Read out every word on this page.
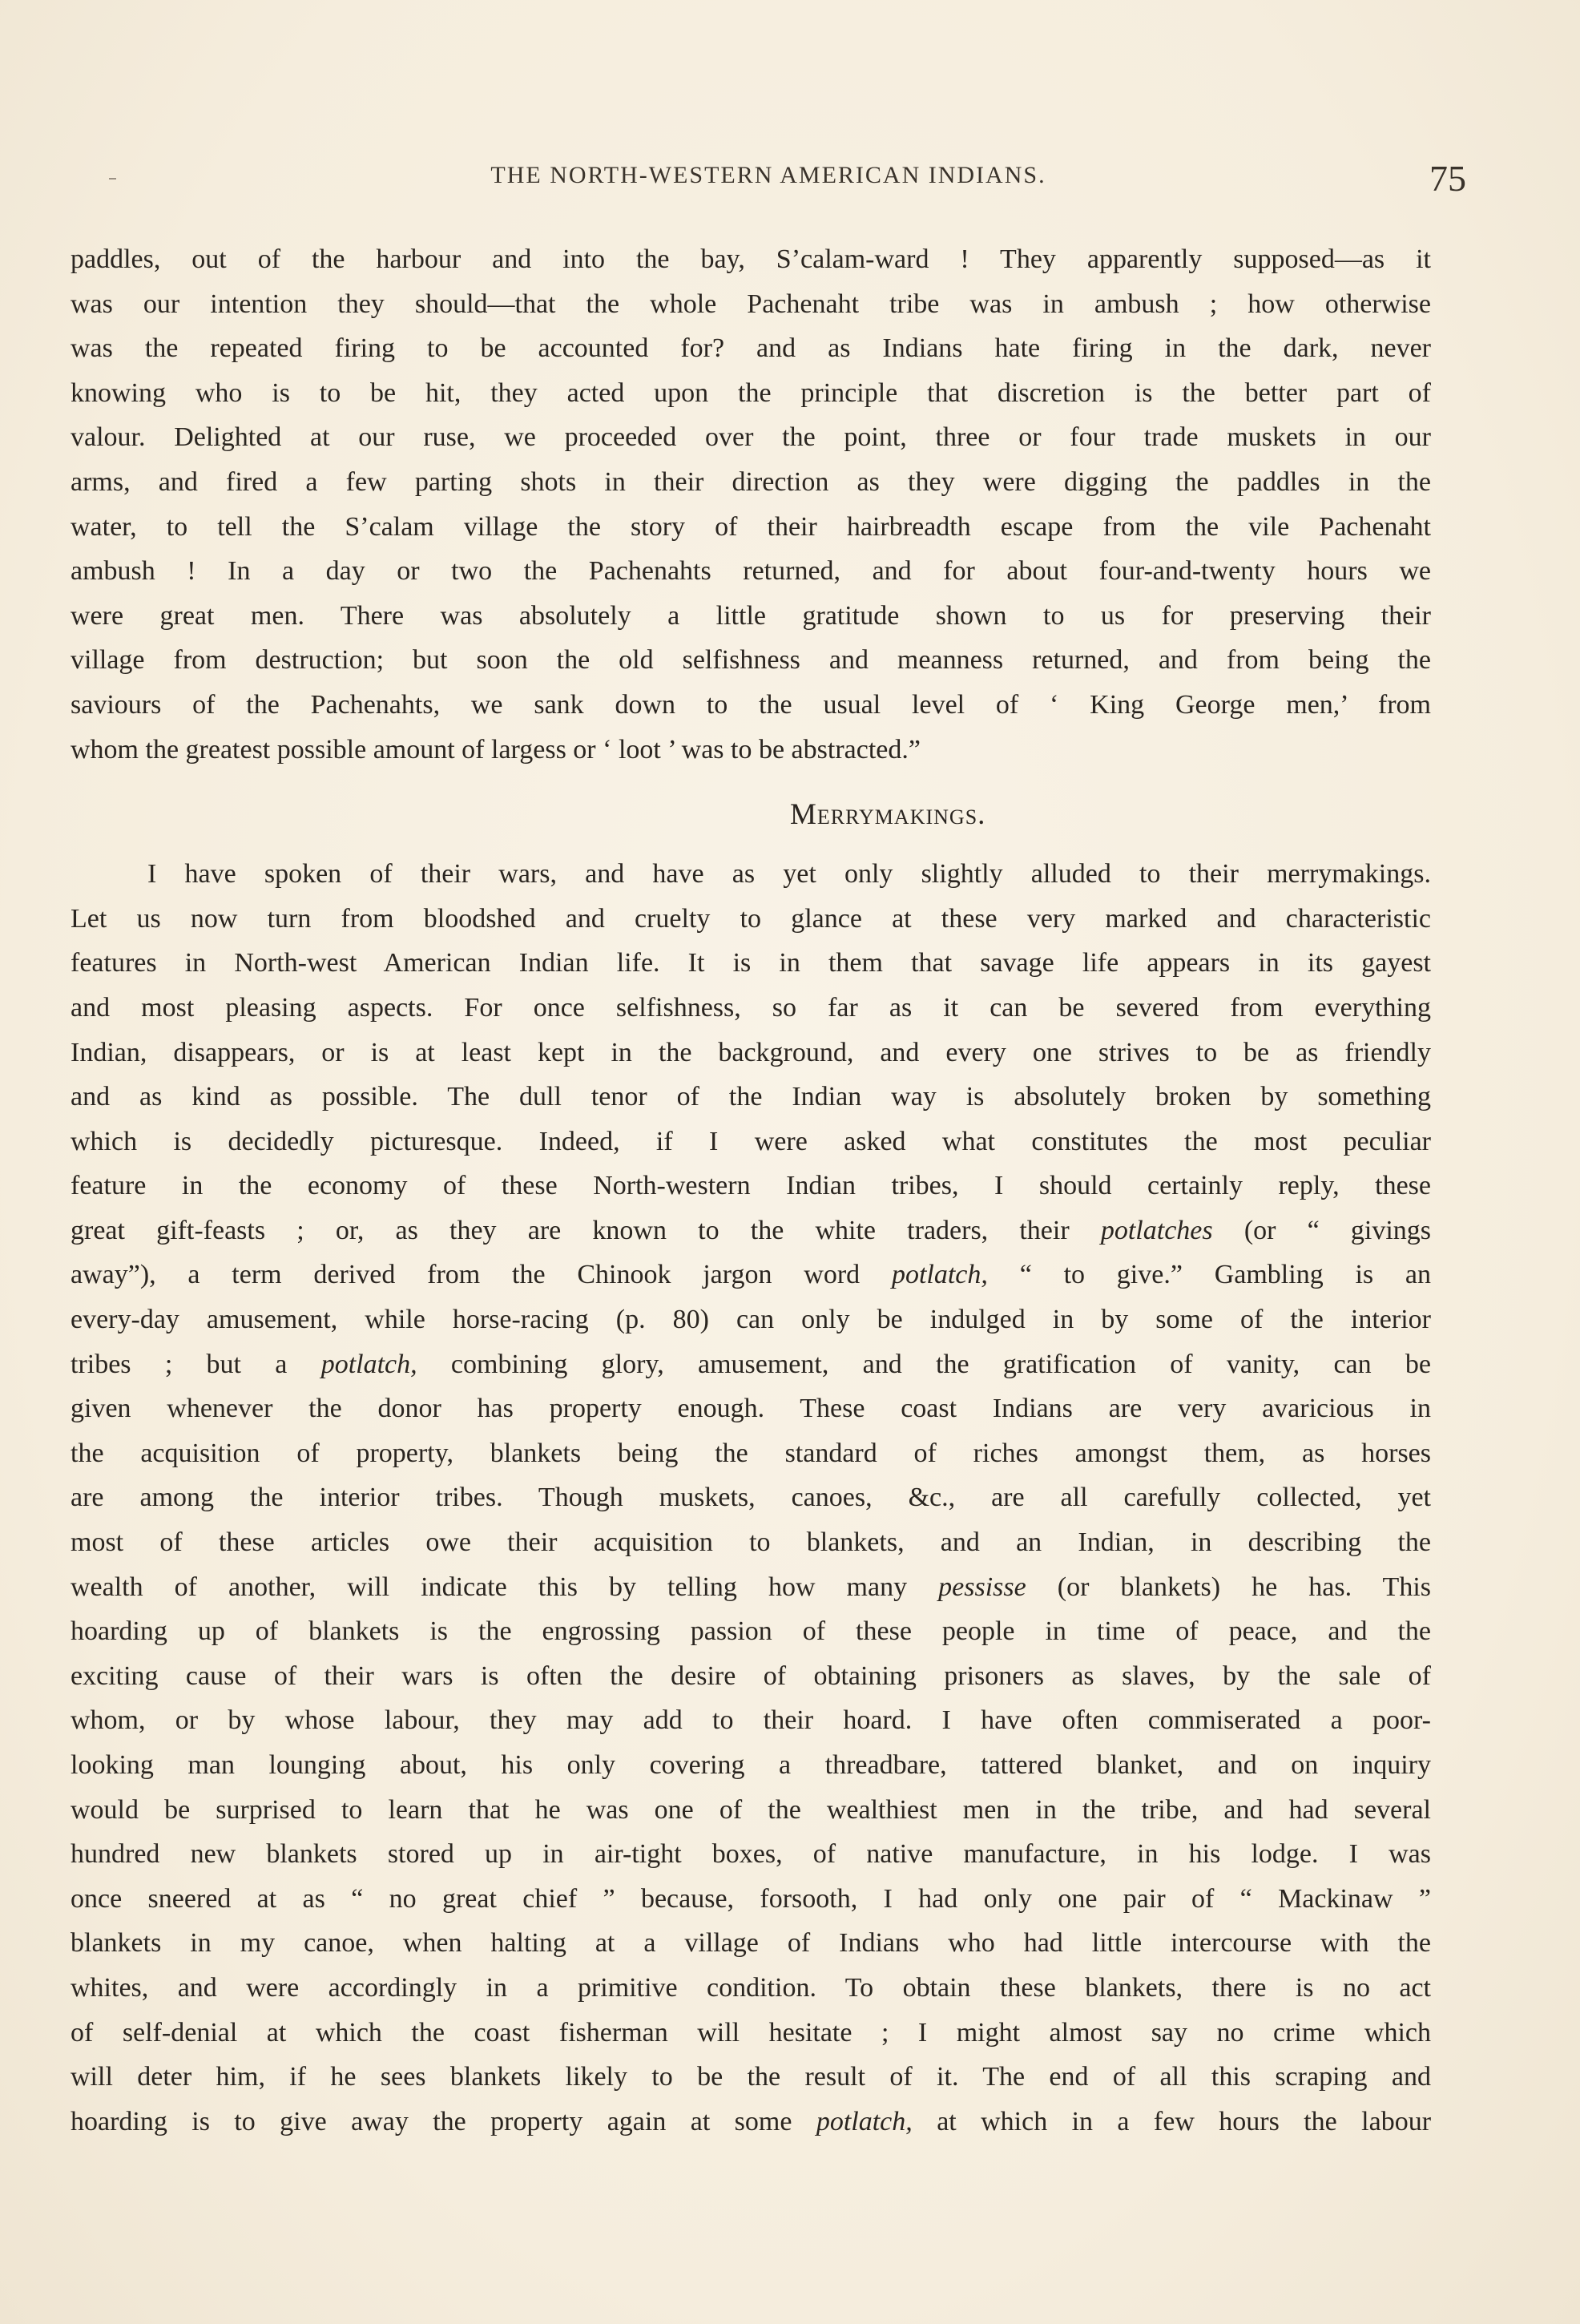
THE NORTH-WESTERN AMERICAN INDIANS.	75
paddles, out of the harbour and into the bay, S’calam-ward ! They apparently supposed—as it
was our intention they should—that the whole Pachenaht tribe was in ambush ; how otherwise
was the repeated firing to be accounted for? and as Indians hate firing in the dark, never
knowing who is to be hit, they acted upon the principle that discretion is the better part of
valour. Delighted at our ruse, we proceeded over the point, three or four trade muskets in our
arms, and fired a few parting shots in their direction as they were digging the paddles in the
water, to tell the S’calam village the story of their hairbreadth escape from the vile Pachenaht
ambush ! In a day or two the Pachenahts returned, and for about four-and-twenty hours we
were great men. There was absolutely a little gratitude shown to us for preserving their
village from destruction; but soon the old selfishness and meanness returned, and from being the
saviours of the Pachenahts, we sank down to the usual level of ‘ King George men,’ from
whom the greatest possible amount of largess or ‘ loot ’ was to be abstracted.”
Merrymakings.
I have spoken of their wars, and have as yet only slightly alluded to their merrymakings.
Let us now turn from bloodshed and cruelty to glance at these very marked and characteristic
features in North-west American Indian life. It is in them that savage life appears in its gayest
and most pleasing aspects. For once selfishness, so far as it can be severed from everything
Indian, disappears, or is at least kept in the background, and every one strives to be as friendly
and as kind as possible. The dull tenor of the Indian way is absolutely broken by something
which is decidedly picturesque. Indeed, if I were asked what constitutes the most peculiar
feature in the economy of these North-western Indian tribes, I should certainly reply, these
great gift-feasts ; or, as they are known to the white traders, their potlatches (or “ givings
away”), a term derived from the Chinook jargon word potlatch, “ to give.” Gambling is an
every-day amusement, while horse-racing (p. 80) can only be indulged in by some of the interior
tribes ; but a potlatch, combining glory, amusement, and the gratification of vanity, can be
given whenever the donor has property enough. These coast Indians are very avaricious in
the acquisition of property, blankets being the standard of riches amongst them, as horses
are among the interior tribes. Though muskets, canoes, &c., are all carefully collected, yet
most of these articles owe their acquisition to blankets, and an Indian, in describing the
wealth of another, will indicate this by telling how many pessisse (or blankets) he has. This
hoarding up of blankets is the engrossing passion of these people in time of peace, and the
exciting cause of their wars is often the desire of obtaining prisoners as slaves, by the sale of
whom, or by whose labour, they may add to their hoard. I have often commiserated a poor-
looking man lounging about, his only covering a threadbare, tattered blanket, and on inquiry
would be surprised to learn that he was one of the wealthiest men in the tribe, and had several
hundred new blankets stored up in air-tight boxes, of native manufacture, in his lodge. I was
once sneered at as “ no great chief ” because, forsooth, I had only one pair of “ Mackinaw ”
blankets in my canoe, when halting at a village of Indians who had little intercourse with the
whites, and were accordingly in a primitive condition. To obtain these blankets, there is no act
of self-denial at which the coast fisherman will hesitate ; I might almost say no crime which
will deter him, if he sees blankets likely to be the result of it. The end of all this scraping and
hoarding is to give away the property again at some potlatch, at which in a few hours the labour
